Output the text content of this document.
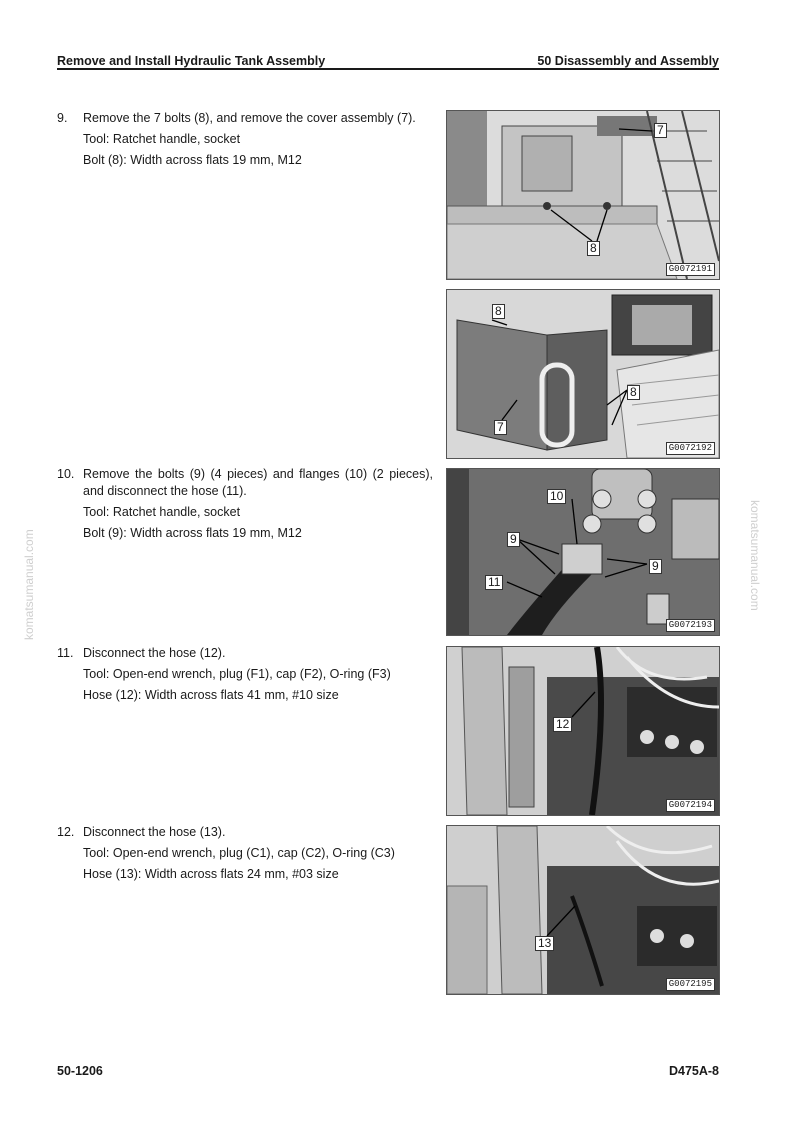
Remove and Install Hydraulic Tank Assembly	50 Disassembly and Assembly
komatsumanual.com	komatsumanual.com
9. Remove the 7 bolts (8), and remove the cover assembly (7).
Tool: Ratchet handle, socket
Bolt (8): Width across flats 19 mm, M12
10. Remove the bolts (9) (4 pieces) and flanges (10) (2 pieces), and disconnect the hose (11).
Tool: Ratchet handle, socket
Bolt (9): Width across flats 19 mm, M12
11. Disconnect the hose (12).
Tool: Open-end wrench, plug (F1), cap (F2), O-ring (F3)
Hose (12): Width across flats 41 mm, #10 size
12. Disconnect the hose (13).
Tool: Open-end wrench, plug (C1), cap (C2), O-ring (C3)
Hose (13): Width across flats 24 mm, #03 size
7
8
G0072191
8
8
7
G0072192
10
9
9
11
G0072193
12
G0072194
13
G0072195
50-1206	D475A-8
